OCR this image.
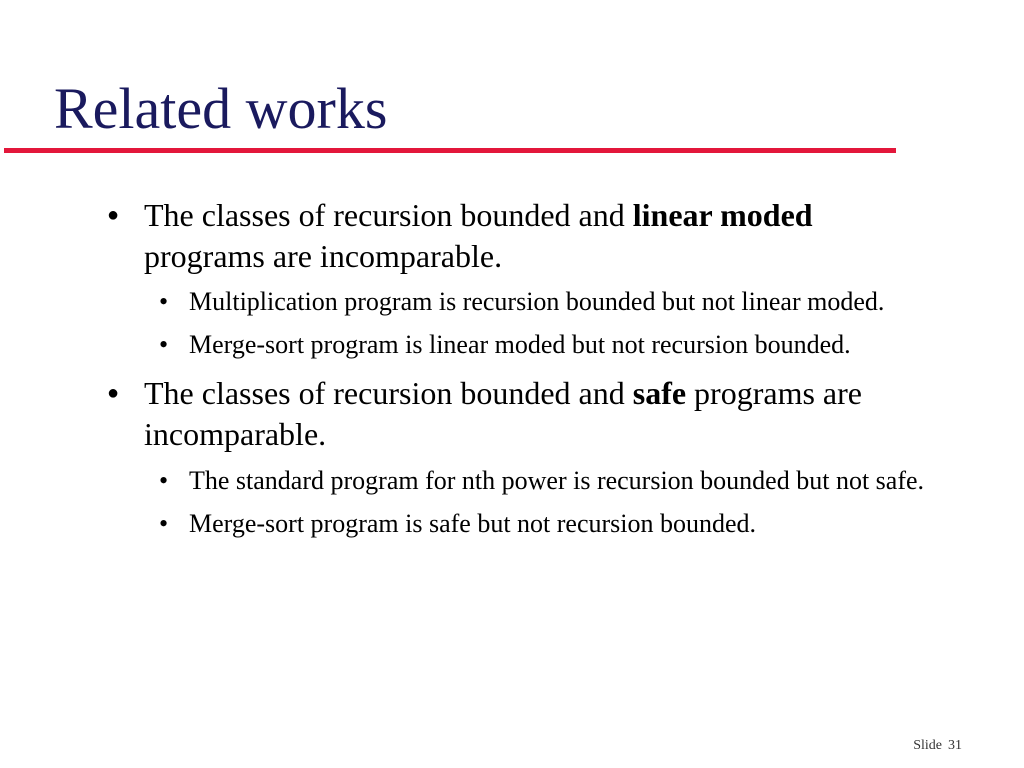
Related works
● The classes of recursion bounded and linear moded programs are incomparable.
• Multiplication program is recursion bounded but not linear moded.
• Merge-sort program is linear moded but not recursion bounded.
● The classes of recursion bounded and safe programs are incomparable.
• The standard program for nth power is recursion bounded but not safe.
• Merge-sort program is safe but not recursion bounded.
Slide 31
